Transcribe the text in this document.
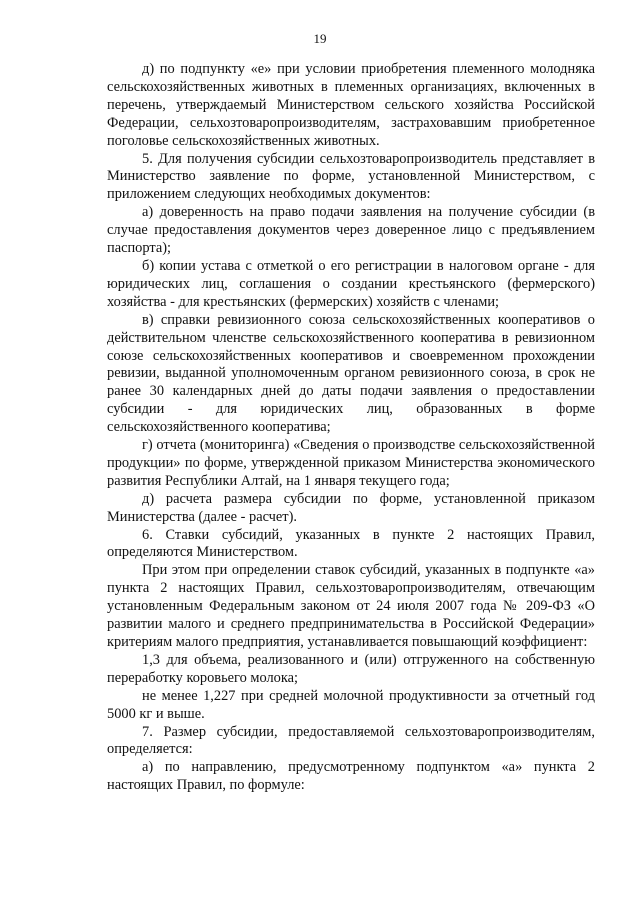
19

д) по подпункту «е» при условии приобретения племенного молодняка сельскохозяйственных животных в племенных организациях, включенных в перечень, утверждаемый Министерством сельского хозяйства Российской Федерации, сельхозтоваропроизводителям, застраховавшим приобретенное поголовье сельскохозяйственных животных.

5. Для получения субсидии сельхозтоваропроизводитель представляет в Министерство заявление по форме, установленной Министерством, с приложением следующих необходимых документов:

а) доверенность на право подачи заявления на получение субсидии (в случае предоставления документов через доверенное лицо с предъявлением паспорта);

б) копии устава с отметкой о его регистрации в налоговом органе - для юридических лиц, соглашения о создании крестьянского (фермерского) хозяйства - для крестьянских (фермерских) хозяйств с членами;

в) справки ревизионного союза сельскохозяйственных кооперативов о действительном членстве сельскохозяйственного кооператива в ревизионном союзе сельскохозяйственных кооперативов и своевременном прохождении ревизии, выданной уполномоченным органом ревизионного союза, в срок не ранее 30 календарных дней до даты подачи заявления о предоставлении субсидии - для юридических лиц, образованных в форме сельскохозяйственного кооператива;

г) отчета (мониторинга) «Сведения о производстве сельскохозяйственной продукции» по форме, утвержденной приказом Министерства экономического развития Республики Алтай, на 1 января текущего года;

д) расчета размера субсидии по форме, установленной приказом Министерства (далее - расчет).

6. Ставки субсидий, указанных в пункте 2 настоящих Правил, определяются Министерством.

При этом при определении ставок субсидий, указанных в подпункте «а» пункта 2 настоящих Правил, сельхозтоваропроизводителям, отвечающим установленным Федеральным законом от 24 июля 2007 года № 209-ФЗ «О развитии малого и среднего предпринимательства в Российской Федерации» критериям малого предприятия, устанавливается повышающий коэффициент:

1,3 для объема, реализованного и (или) отгруженного на собственную переработку коровьего молока;

не менее 1,227 при средней молочной продуктивности за отчетный год 5000 кг и выше.

7. Размер субсидии, предоставляемой сельхозтоваропроизводителям, определяется:

а) по направлению, предусмотренному подпунктом «а» пункта 2 настоящих Правил, по формуле:
